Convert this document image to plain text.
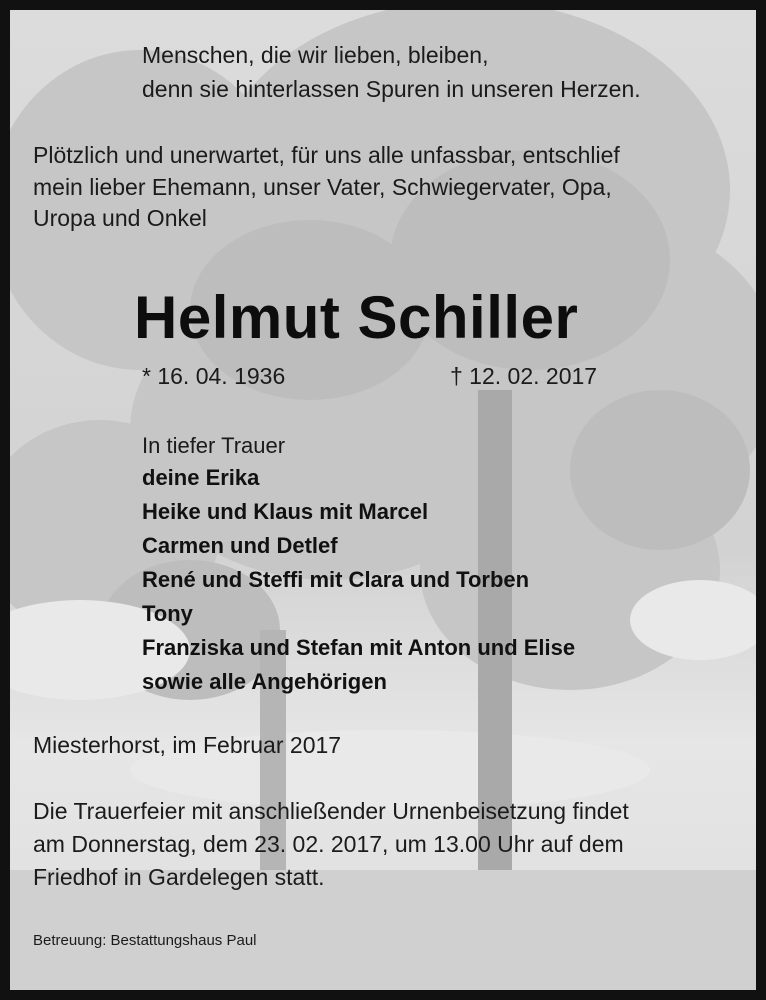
Menschen, die wir lieben, bleiben,
denn sie hinterlassen Spuren in unseren Herzen.
Plötzlich und unerwartet, für uns alle unfassbar, entschlief
mein lieber Ehemann, unser Vater, Schwiegervater, Opa,
Uropa und Onkel
Helmut Schiller
* 16. 04. 1936	† 12. 02. 2017
In tiefer Trauer
deine Erika
Heike und Klaus mit Marcel
Carmen und Detlef
René und Steffi mit Clara und Torben
Tony
Franziska und Stefan mit Anton und Elise
sowie alle Angehörigen
Miesterhorst, im Februar 2017
Die Trauerfeier mit anschließender Urnenbeisetzung findet
am Donnerstag, dem 23. 02. 2017, um 13.00 Uhr auf dem
Friedhof in Gardelegen statt.
Betreuung: Bestattungshaus Paul
